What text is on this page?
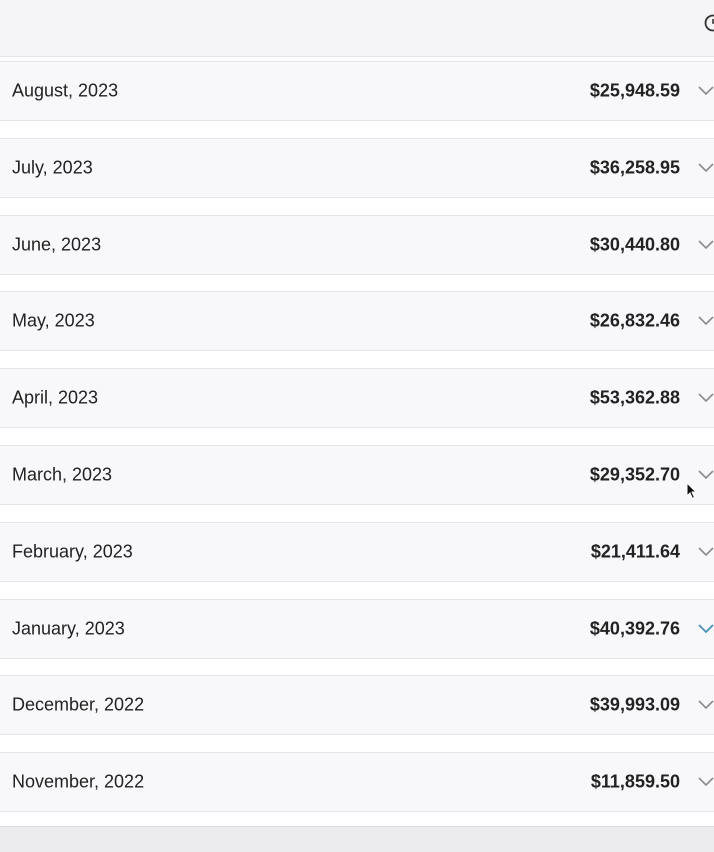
August, 2023	$25,948.59
July, 2023	$36,258.95
June, 2023	$30,440.80
May, 2023	$26,832.46
April, 2023	$53,362.88
March, 2023	$29,352.70
February, 2023	$21,411.64
January, 2023	$40,392.76
December, 2022	$39,993.09
November, 2022	$11,859.50
